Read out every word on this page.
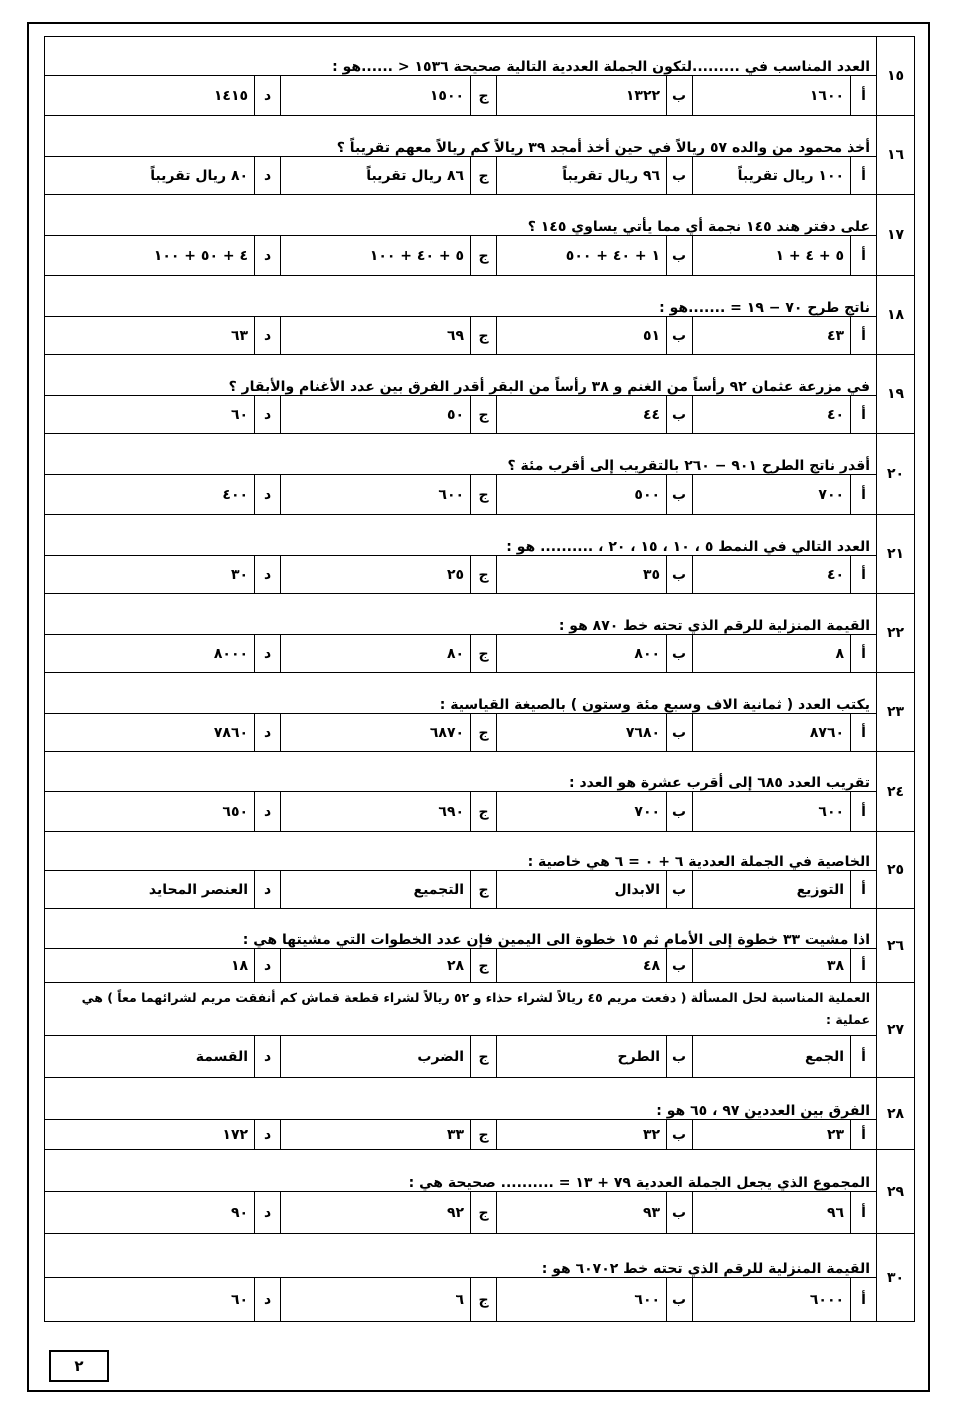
١٥	العدد المناسب في .........لتكون الجملة العددية التالية صحيحة ١٥٣٦ < ......هو :							
	أ	١٦٠٠	ب	١٣٢٢	ج	١٥٠٠	د	١٤١٥
١٦	أخذ محمود من والده ٥٧ ريالاً في حين أخذ أمجد ٣٩ ريالاً كم ريالاً معهم تقريباً ؟							
	أ	١٠٠ ريال تقريباً	ب	٩٦ ريال تقريباً	ج	٨٦ ريال تقريباً	د	٨٠ ريال تقريباً
١٧	على دفتر هند ١٤٥ نجمة أي مما يأتي يساوي ١٤٥ ؟							
	أ	٥ + ٤ + ١	ب	١ + ٤٠ + ٥٠٠	ج	٥ + ٤٠ + ١٠٠	د	٤ + ٥٠ + ١٠٠
١٨	ناتج طرح ٧٠ − ١٩ = .......هو :							
	أ	٤٣	ب	٥١	ج	٦٩	د	٦٣
١٩	في مزرعة عثمان ٩٢ رأساً من الغنم و ٣٨ رأساً من البقر أقدر الفرق بين عدد الأغنام والأبقار ؟							
	أ	٤٠	ب	٤٤	ج	٥٠	د	٦٠
٢٠	أقدر ناتج الطرح ٩٠١ − ٢٦٠ بالتقريب إلى أقرب مئة ؟							
	أ	٧٠٠	ب	٥٠٠	ج	٦٠٠	د	٤٠٠
٢١	العدد التالي في النمط ٥ ، ١٠ ، ١٥ ، ٢٠ ، .......... هو :							
	أ	٤٠	ب	٣٥	ج	٢٥	د	٣٠
٢٢	القيمة المنزلية للرقم الذي تحته خط ٨٧٠ هو :							
	أ	٨	ب	٨٠٠	ج	٨٠	د	٨٠٠٠
٢٣	يكتب العدد ( ثمانية الاف وسبع مئة وستون ) بالصيغة القياسية :							
	أ	٨٧٦٠	ب	٧٦٨٠	ج	٦٨٧٠	د	٧٨٦٠
٢٤	تقريب العدد ٦٨٥ إلى أقرب عشرة هو العدد :							
	أ	٦٠٠	ب	٧٠٠	ج	٦٩٠	د	٦٥٠
٢٥	الخاصية في الجملة العددية ٦ + ٠ = ٦ هي خاصية :							
	أ	التوزيع	ب	الابدال	ج	التجميع	د	العنصر المحايد
٢٦	اذا مشيت ٣٣ خطوة إلى الأمام ثم ١٥ خطوة الى اليمين فإن عدد الخطوات التي مشيتها هي :							
	أ	٣٨	ب	٤٨	ج	٢٨	د	١٨
٢٧	العملية المناسبة لحل المسألة ( دفعت مريم ٤٥ ريالاً لشراء حذاء و ٥٢ ريالاً لشراء قطعة قماش كم أنفقت مريم لشرائهما معاً ) هي عملية :							
	أ	الجمع	ب	الطرح	ج	الضرب	د	القسمة
٢٨	الفرق بين العددين ٩٧ ، ٦٥ هو :							
	أ	٢٣	ب	٣٢	ج	٣٣	د	١٧٢
٢٩	المجموع الذي يجعل الجملة العددية ٧٩ + ١٣ = .......... صحيحة هي :							
	أ	٩٦	ب	٩٣	ج	٩٢	د	٩٠
٣٠	القيمة المنزلية للرقم الذي تحته خط ٦٠٧٠٢ هو :							
	أ	٦٠٠٠	ب	٦٠٠	ج	٦	د	٦٠
٢
